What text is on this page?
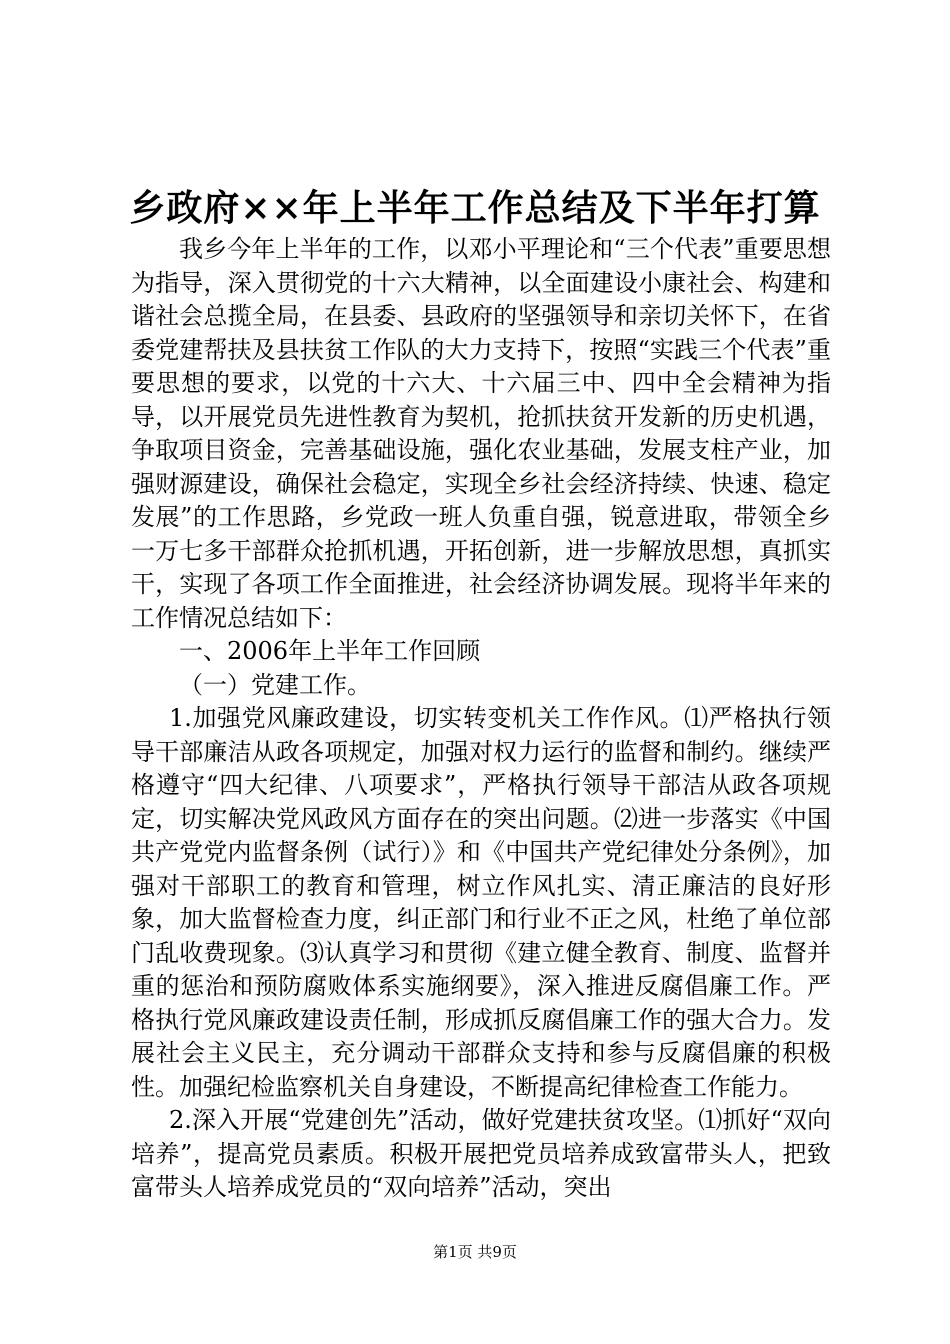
乡政府××年上半年工作总结及下半年打算

我乡今年上半年的工作，以邓小平理论和“三个代表”重要思想为指导，深入贯彻党的十六大精神，以全面建设小康社会、构建和谐社会总揽全局，在县委、县政府的坚强领导和亲切关怀下，在省委党建帮扶及县扶贫工作队的大力支持下，按照“实践三个代表”重要思想的要求，以党的十六大、十六届三中、四中全会精神为指导，以开展党员先进性教育为契机，抢抓扶贫开发新的历史机遇，争取项目资金，完善基础设施，强化农业基础，发展支柱产业，加强财源建设，确保社会稳定，实现全乡社会经济持续、快速、稳定发展”的工作思路，乡党政一班人负重自强，锐意进取，带领全乡一万七多干部群众抢抓机遇，开拓创新，进一步解放思想，真抓实干，实现了各项工作全面推进，社会经济协调发展。现将半年来的工作情况总结如下：

一、2006年上半年工作回顾

（一）党建工作。

1.加强党风廉政建设，切实转变机关工作作风。⑴严格执行领导干部廉洁从政各项规定，加强对权力运行的监督和制约。继续严格遵守“四大纪律、八项要求”，严格执行领导干部洁从政各项规定，切实解决党风政风方面存在的突出问题。⑵进一步落实《中国共产党党内监督条例（试行）》和《中国共产党纪律处分条例》，加强对干部职工的教育和管理，树立作风扎实、清正廉洁的良好形象，加大监督检查力度，纠正部门和行业不正之风，杜绝了单位部门乱收费现象。⑶认真学习和贯彻《建立健全教育、制度、监督并重的惩治和预防腐败体系实施纲要》，深入推进反腐倡廉工作。严格执行党风廉政建设责任制，形成抓反腐倡廉工作的强大合力。发展社会主义民主，充分调动干部群众支持和参与反腐倡廉的积极性。加强纪检监察机关自身建设，不断提高纪律检查工作能力。

2.深入开展“党建创先”活动，做好党建扶贫攻坚。⑴抓好“双向培养”，提高党员素质。积极开展把党员培养成致富带头人，把致富带头人培养成党员的“双向培养”活动，突出

第1页 共9页
